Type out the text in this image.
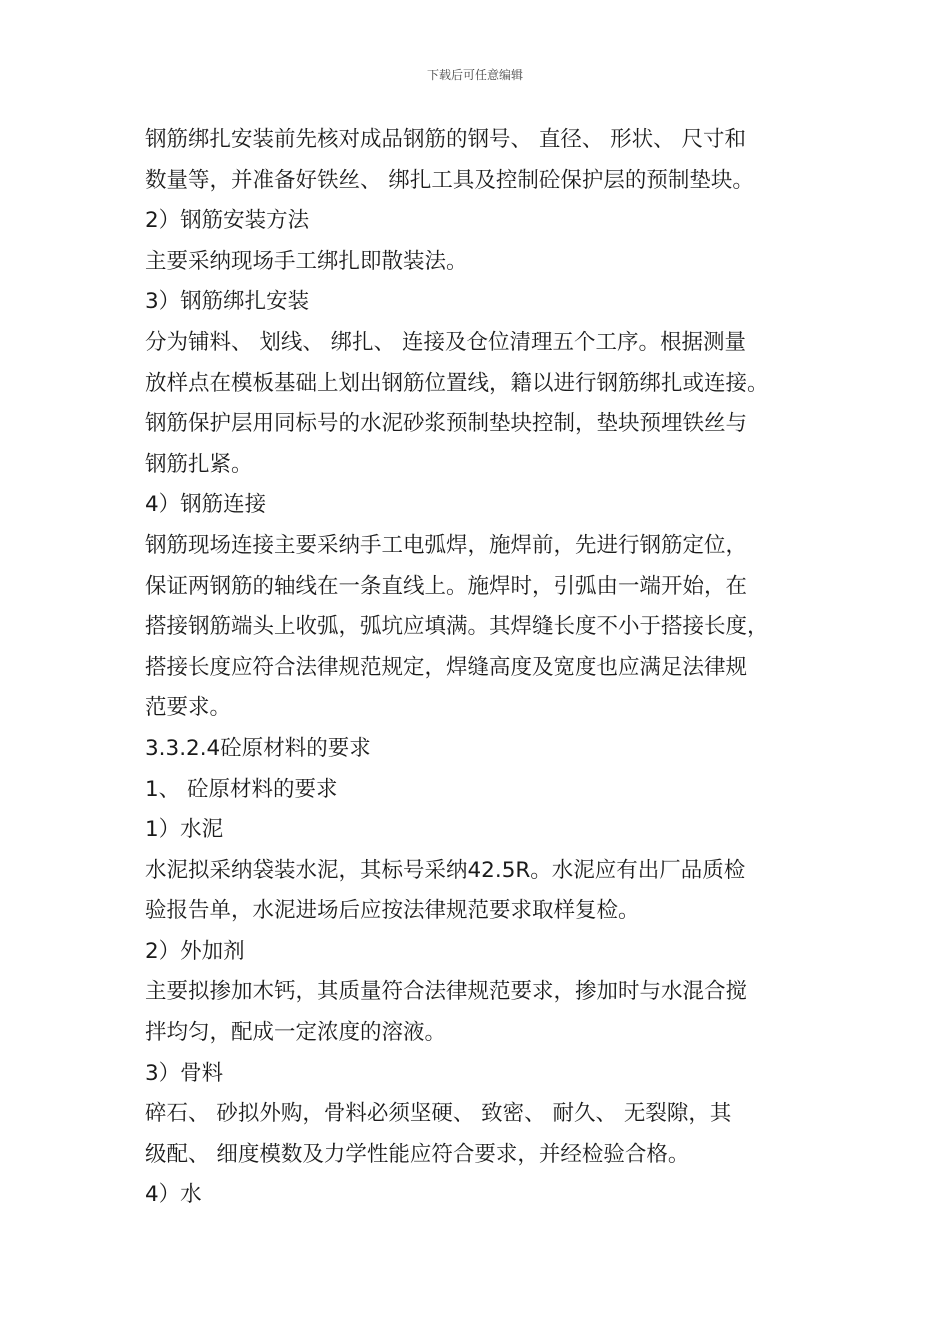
下载后可任意编辑
钢筋绑扎安装前先核对成品钢筋的钢号、 直径、 形状、 尺寸和
数量等，并准备好铁丝、 绑扎工具及控制砼保护层的预制垫块。
2）钢筋安装方法
主要采纳现场手工绑扎即散装法。
3）钢筋绑扎安装
分为铺料、 划线、 绑扎、 连接及仓位清理五个工序。根据测量
放样点在模板基础上划出钢筋位置线，籍以进行钢筋绑扎或连接。
钢筋保护层用同标号的水泥砂浆预制垫块控制，垫块预埋铁丝与
钢筋扎紧。
4）钢筋连接
钢筋现场连接主要采纳手工电弧焊，施焊前，先进行钢筋定位，
保证两钢筋的轴线在一条直线上。施焊时，引弧由一端开始，在
搭接钢筋端头上收弧，弧坑应填满。其焊缝长度不小于搭接长度，
搭接长度应符合法律规范规定，焊缝高度及宽度也应满足法律规
范要求。
3.3.2.4砼原材料的要求
1、 砼原材料的要求
1）水泥
水泥拟采纳袋装水泥，其标号采纳42.5R。水泥应有出厂品质检
验报告单，水泥进场后应按法律规范要求取样复检。
2）外加剂
主要拟掺加木钙，其质量符合法律规范要求，掺加时与水混合搅
拌均匀，配成一定浓度的溶液。
3）骨料
碎石、 砂拟外购，骨料必须坚硬、 致密、 耐久、 无裂隙，其
级配、 细度模数及力学性能应符合要求，并经检验合格。
4）水
